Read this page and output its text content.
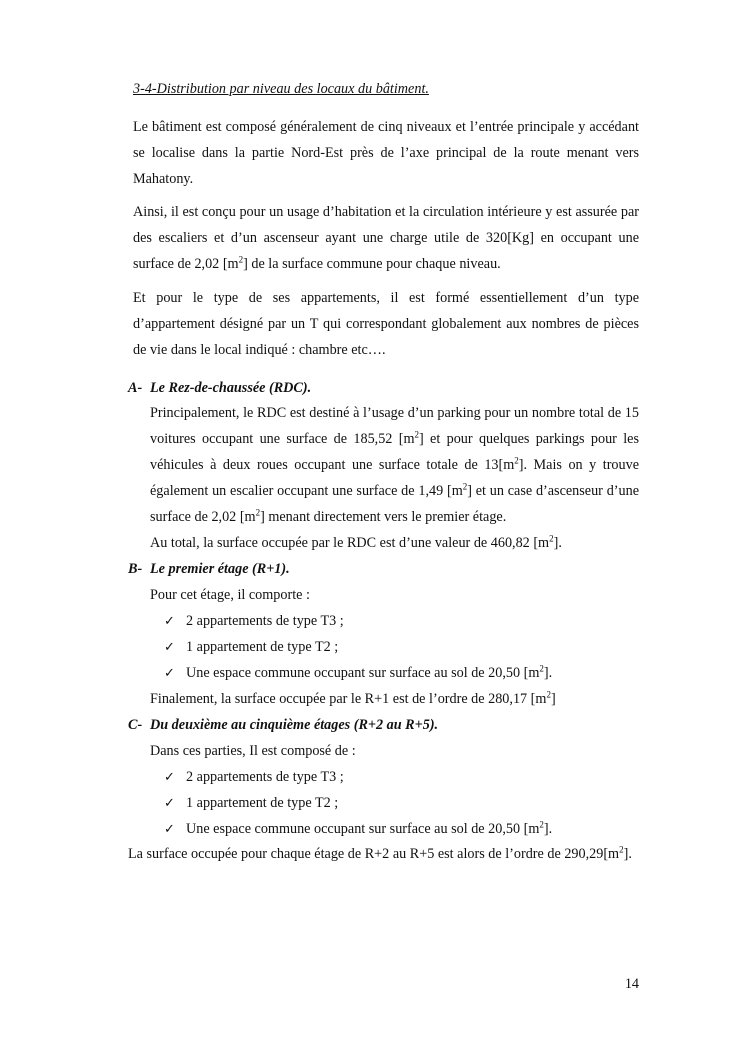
3-4-Distribution par niveau des locaux du bâtiment.

Le bâtiment est composé généralement de cinq niveaux et l’entrée principale y accédant se localise dans la partie Nord-Est près de l’axe principal de la route menant vers Mahatony.

Ainsi, il est conçu pour un usage d’habitation et la circulation intérieure y est assurée par des escaliers et d’un ascenseur ayant une charge utile de 320[Kg] en occupant une surface de 2,02 $[m^2]$ de la surface commune pour chaque niveau.

Et pour le type de ses appartements, il est formé essentiellement d’un type d’appartement désigné par un T qui correspondant globalement aux nombres de pièces de vie dans le local indiqué : chambre etc….

A- Le Rez-de-chaussée (RDC).

Principalement, le RDC est destiné à l’usage d’un parking pour un nombre total de 15 voitures occupant une surface de 185,52 $[m^2]$ et pour quelques parkings pour les véhicules à deux roues occupant une surface totale de $13[m^2]$. Mais on y trouve également un escalier occupant une surface de 1,49 $[m^2]$ et un case d’ascenseur d’une surface de 2,02 $[m^2]$ menant directement vers le premier étage.

Au total, la surface occupée par le RDC est d’une valeur de 460,82 $[m^2]$.

B- Le premier étage (R+1).

Pour cet étage, il comporte :

✓ 2 appartements de type T3 ;

✓ 1 appartement de type T2 ;

✓ Une espace commune occupant sur surface au sol de 20,50 $[m^2]$.

Finalement, la surface occupée par le R+1 est de l’ordre de 280,17 $[m^2]$

C- Du deuxième au cinquième étages (R+2 au R+5).

Dans ces parties, Il est composé de :

✓ 2 appartements de type T3 ;

✓ 1 appartement de type T2 ;

✓ Une espace commune occupant sur surface au sol de 20,50 $[m^2]$.

La surface occupée pour chaque étage de R+2 au R+5 est alors de l’ordre de $290,29[m^2]$.

14
